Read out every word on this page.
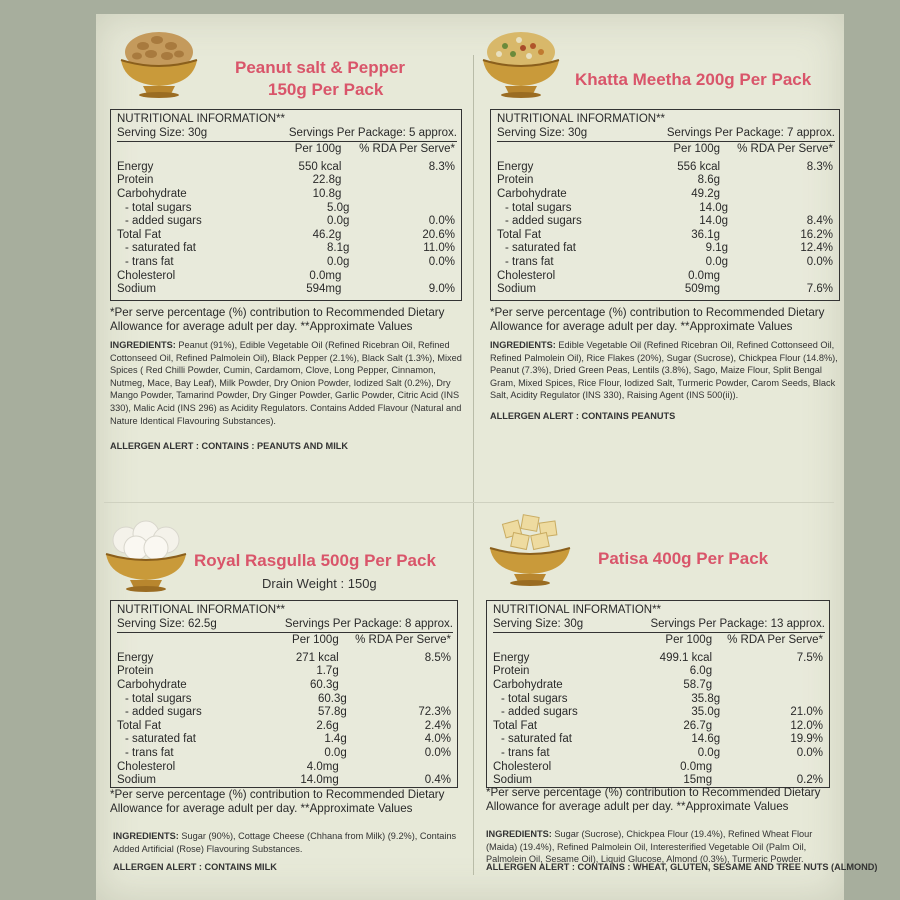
Peanut salt & Pepper
150g Per Pack
NUTRITIONAL INFORMATION**
Serving Size: 30g	Servings Per Package: 5 approx.
Per 100g	% RDA Per Serve*
Energy	550 kcal	8.3%
Protein	22.8g
Carbohydrate	10.8g
- total sugars	5.0g
- added sugars	0.0g	0.0%
Total Fat	46.2g	20.6%
- saturated fat	8.1g	11.0%
- trans fat	0.0g	0.0%
Cholesterol	0.0mg
Sodium	594mg	9.0%
*Per serve percentage (%) contribution to Recommended Dietary Allowance for average adult per day. **Approximate Values
INGREDIENTS: Peanut (91%), Edible Vegetable Oil (Refined Ricebran Oil, Refined Cottonseed Oil, Refined Palmolein Oil), Black Pepper (2.1%), Black Salt (1.3%), Mixed Spices ( Red Chilli Powder, Cumin, Cardamom, Clove, Long Pepper, Cinnamon, Nutmeg, Mace, Bay Leaf), Milk Powder, Dry Onion Powder, Iodized Salt (0.2%), Dry Mango Powder, Tamarind Powder, Dry Ginger Powder, Garlic Powder, Citric Acid (INS 330), Malic Acid (INS 296) as Acidity Regulators. Contains Added Flavour (Natural and Nature Identical Flavouring Substances).
ALLERGEN ALERT : CONTAINS : PEANUTS AND MILK
Khatta Meetha 200g Per Pack
NUTRITIONAL INFORMATION**
Serving Size: 30g	Servings Per Package: 7 approx.
Per 100g	% RDA Per Serve*
Energy	556 kcal	8.3%
Protein	8.6g
Carbohydrate	49.2g
- total sugars	14.0g
- added sugars	14.0g	8.4%
Total Fat	36.1g	16.2%
- saturated fat	9.1g	12.4%
- trans fat	0.0g	0.0%
Cholesterol	0.0mg
Sodium	509mg	7.6%
*Per serve percentage (%) contribution to Recommended Dietary Allowance for average adult per day. **Approximate Values
INGREDIENTS: Edible Vegetable Oil (Refined Ricebran Oil, Refined Cottonseed Oil, Refined Palmolein Oil), Rice Flakes (20%), Sugar (Sucrose), Chickpea Flour (14.8%), Peanut (7.3%), Dried Green Peas, Lentils (3.8%), Sago, Maize Flour, Split Bengal Gram, Mixed Spices, Rice Flour, Iodized Salt, Turmeric Powder, Carom Seeds, Black Salt, Acidity Regulator (INS 330), Raising Agent (INS 500(ii)).
ALLERGEN ALERT : CONTAINS PEANUTS
Royal Rasgulla 500g Per Pack
Drain Weight : 150g
NUTRITIONAL INFORMATION**
Serving Size: 62.5g	Servings Per Package: 8 approx.
Per 100g	% RDA Per Serve*
Energy	271 kcal	8.5%
Protein	1.7g
Carbohydrate	60.3g
- total sugars	60.3g
- added sugars	57.8g	72.3%
Total Fat	2.6g	2.4%
- saturated fat	1.4g	4.0%
- trans fat	0.0g	0.0%
Cholesterol	4.0mg
Sodium	14.0mg	0.4%
*Per serve percentage (%) contribution to Recommended Dietary Allowance for average adult per day. **Approximate Values
INGREDIENTS: Sugar (90%), Cottage Cheese (Chhana from Milk) (9.2%), Contains Added Artificial (Rose) Flavouring Substances.
ALLERGEN ALERT : CONTAINS MILK
Patisa 400g Per Pack
NUTRITIONAL INFORMATION**
Serving Size: 30g	Servings Per Package: 13 approx.
Per 100g	% RDA Per Serve*
Energy	499.1 kcal	7.5%
Protein	6.0g
Carbohydrate	58.7g
- total sugars	35.8g
- added sugars	35.0g	21.0%
Total Fat	26.7g	12.0%
- saturated fat	14.6g	19.9%
- trans fat	0.0g	0.0%
Cholesterol	0.0mg
Sodium	15mg	0.2%
*Per serve percentage (%) contribution to Recommended Dietary Allowance for average adult per day. **Approximate Values
INGREDIENTS: Sugar (Sucrose), Chickpea Flour (19.4%), Refined Wheat Flour (Maida) (19.4%), Refined Palmolein Oil, Interesterified Vegetable Oil (Palm Oil, Palmolein Oil, Sesame Oil), Liquid Glucose, Almond (0.3%), Turmeric Powder.
ALLERGEN ALERT : CONTAINS : WHEAT, GLUTEN, SESAME AND TREE NUTS (ALMOND)
